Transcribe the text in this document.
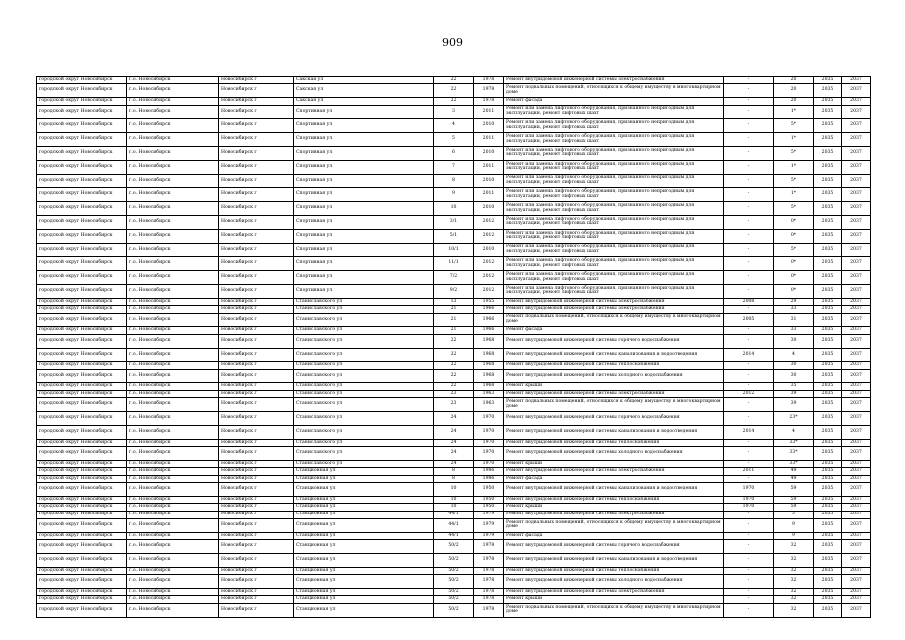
909
городской округ Новосибирск	г.о. Новосибирск	Новосибирск г	Сакская ул	22	1978	Ремонт внутридомовой инженерной системы электроснабжения	-	20	2035	2037
городской округ Новосибирск	г.о. Новосибирск	Новосибирск г	Сакская ул	22	1978	Ремонт подвальных помещений, относящихся к общему имуществу в многоквартирном доме	-	20	2035	2037
городской округ Новосибирск	г.о. Новосибирск	Новосибирск г	Сакская ул	22	1978	Ремонт фасада	-	20	2035	2037
городской округ Новосибирск	г.о. Новосибирск	Новосибирск г	Спортивная ул	3	2011	Ремонт или замена лифтового оборудования, признанного непригодным для эксплуатации, ремонт лифтовых шахт	-	1*	2035	2037
городской округ Новосибирск	г.о. Новосибирск	Новосибирск г	Спортивная ул	4	2010	Ремонт или замена лифтового оборудования, признанного непригодным для эксплуатации, ремонт лифтовых шахт	-	5*	2035	2037
городской округ Новосибирск	г.о. Новосибирск	Новосибирск г	Спортивная ул	5	2011	Ремонт или замена лифтового оборудования, признанного непригодным для эксплуатации, ремонт лифтовых шахт	-	1*	2035	2037
городской округ Новосибирск	г.о. Новосибирск	Новосибирск г	Спортивная ул	6	2010	Ремонт или замена лифтового оборудования, признанного непригодным для эксплуатации, ремонт лифтовых шахт	-	5*	2035	2037
городской округ Новосибирск	г.о. Новосибирск	Новосибирск г	Спортивная ул	7	2011	Ремонт или замена лифтового оборудования, признанного непригодным для эксплуатации, ремонт лифтовых шахт	-	1*	2035	2037
городской округ Новосибирск	г.о. Новосибирск	Новосибирск г	Спортивная ул	8	2010	Ремонт или замена лифтового оборудования, признанного непригодным для эксплуатации, ремонт лифтовых шахт	-	5*	2035	2037
городской округ Новосибирск	г.о. Новосибирск	Новосибирск г	Спортивная ул	9	2011	Ремонт или замена лифтового оборудования, признанного непригодным для эксплуатации, ремонт лифтовых шахт	-	1*	2035	2037
городской округ Новосибирск	г.о. Новосибирск	Новосибирск г	Спортивная ул	10	2010	Ремонт или замена лифтового оборудования, признанного непригодным для эксплуатации, ремонт лифтовых шахт	-	5*	2035	2037
городской округ Новосибирск	г.о. Новосибирск	Новосибирск г	Спортивная ул	3/1	2012	Ремонт или замена лифтового оборудования, признанного непригодным для эксплуатации, ремонт лифтовых шахт	-	0*	2035	2037
городской округ Новосибирск	г.о. Новосибирск	Новосибирск г	Спортивная ул	5/1	2012	Ремонт или замена лифтового оборудования, признанного непригодным для эксплуатации, ремонт лифтовых шахт	-	0*	2035	2037
городской округ Новосибирск	г.о. Новосибирск	Новосибирск г	Спортивная ул	10/1	2010	Ремонт или замена лифтового оборудования, признанного непригодным для эксплуатации, ремонт лифтовых шахт	-	5*	2035	2037
городской округ Новосибирск	г.о. Новосибирск	Новосибирск г	Спортивная ул	11/1	2012	Ремонт или замена лифтового оборудования, признанного непригодным для эксплуатации, ремонт лифтовых шахт	-	0*	2035	2037
городской округ Новосибирск	г.о. Новосибирск	Новосибирск г	Спортивная ул	7/2	2012	Ремонт или замена лифтового оборудования, признанного непригодным для эксплуатации, ремонт лифтовых шахт	-	0*	2035	2037
городской округ Новосибирск	г.о. Новосибирск	Новосибирск г	Спортивная ул	9/2	2012	Ремонт или замена лифтового оборудования, признанного непригодным для эксплуатации, ремонт лифтовых шахт	-	0*	2035	2037
городской округ Новосибирск	г.о. Новосибирск	Новосибирск г	Станиславского ул	13	1955	Ремонт внутридомовой инженерной системы электроснабжения	2008	29	2035	2037
городской округ Новосибирск	г.о. Новосибирск	Новосибирск г	Станиславского ул	21	1966	Ремонт внутридомовой инженерной системы электроснабжения	-	33	2035	2037
городской округ Новосибирск	г.о. Новосибирск	Новосибирск г	Станиславского ул	21	1966	Ремонт подвальных помещений, относящихся к общему имуществу в многоквартирном доме	2005	31	2035	2037
городской округ Новосибирск	г.о. Новосибирск	Новосибирск г	Станиславского ул	21	1966	Ремонт фасада	-	33	2035	2037
городской округ Новосибирск	г.о. Новосибирск	Новосибирск г	Станиславского ул	22	1968	Ремонт внутридомовой инженерной системы горячего водоснабжения	-	30	2035	2037
городской округ Новосибирск	г.о. Новосибирск	Новосибирск г	Станиславского ул	22	1968	Ремонт внутридомовой инженерной системы канализования и водоотведения	2014	4	2035	2037
городской округ Новосибирск	г.о. Новосибирск	Новосибирск г	Станиславского ул	22	1968	Ремонт внутридомовой инженерной системы теплоснабжения	-	30	2035	2037
городской округ Новосибирск	г.о. Новосибирск	Новосибирск г	Станиславского ул	22	1968	Ремонт внутридомовой инженерной системы холодного водоснабжения	-	30	2035	2037
городской округ Новосибирск	г.о. Новосибирск	Новосибирск г	Станиславского ул	22	1968	Ремонт крыши	-	35	2035	2037
городской округ Новосибирск	г.о. Новосибирск	Новосибирск г	Станиславского ул	23	1963	Ремонт внутридомовой инженерной системы электроснабжения	2012	39	2035	2037
городской округ Новосибирск	г.о. Новосибирск	Новосибирск г	Станиславского ул	23	1963	Ремонт подвальных помещений, относящихся к общему имуществу в многоквартирном доме	-	39	2035	2037
городской округ Новосибирск	г.о. Новосибирск	Новосибирск г	Станиславского ул	24	1970	Ремонт внутридомовой инженерной системы горячего водоснабжения	-	23*	2035	2037
городской округ Новосибирск	г.о. Новосибирск	Новосибирск г	Станиславского ул	24	1970	Ремонт внутридомовой инженерной системы канализования и водоотведения	2014	4	2035	2037
городской округ Новосибирск	г.о. Новосибирск	Новосибирск г	Станиславского ул	24	1970	Ремонт внутридомовой инженерной системы теплоснабжения	-	33*	2035	2037
городской округ Новосибирск	г.о. Новосибирск	Новосибирск г	Станиславского ул	24	1970	Ремонт внутридомовой инженерной системы холодного водоснабжения	-	33*	2035	2037
городской округ Новосибирск	г.о. Новосибирск	Новосибирск г	Станиславского ул	24	1970	Ремонт крыши	-	33*	2035	2037
городской округ Новосибирск	г.о. Новосибирск	Новосибирск г	Станционная ул	8	1986	Ремонт внутридомовой инженерной системы электроснабжения	2011	49	2035	2037
городской округ Новосибирск	г.о. Новосибирск	Новосибирск г	Станционная ул	8	1986	Ремонт фасада	-	49	2035	2037
городской округ Новосибирск	г.о. Новосибирск	Новосибирск г	Станционная ул	10	1950	Ремонт внутридомовой инженерной системы канализования и водоотведения	1970	59	2035	2037
городской округ Новосибирск	г.о. Новосибирск	Новосибирск г	Станционная ул	10	1950	Ремонт внутридомовой инженерной системы теплоснабжения	1970	59	2035	2037
городской округ Новосибирск	г.о. Новосибирск	Новосибирск г	Станционная ул	10	1950	Ремонт крыши	1970	59	2035	2037
городской округ Новосибирск	г.о. Новосибирск	Новосибирск г	Станционная ул	44/1	1979	Ремонт внутридомовой инженерной системы электроснабжения	-	3	2035	2037
городской округ Новосибирск	г.о. Новосибирск	Новосибирск г	Станционная ул	44/1	1979	Ремонт подвальных помещений, относящихся к общему имуществу в многоквартирном доме	-	9	2035	2037
городской округ Новосибирск	г.о. Новосибирск	Новосибирск г	Станционная ул	44/1	1979	Ремонт фасада	-	9	2035	2037
городской округ Новосибирск	г.о. Новосибирск	Новосибирск г	Станционная ул	50/2	1978	Ремонт внутридомовой инженерной системы горячего водоснабжения	-	32	2035	2037
городской округ Новосибирск	г.о. Новосибирск	Новосибирск г	Станционная ул	50/2	1978	Ремонт внутридомовой инженерной системы канализования и водоотведения	-	32	2035	2037
городской округ Новосибирск	г.о. Новосибирск	Новосибирск г	Станционная ул	50/2	1978	Ремонт внутридомовой инженерной системы теплоснабжения	-	32	2035	2037
городской округ Новосибирск	г.о. Новосибирск	Новосибирск г	Станционная ул	50/2	1978	Ремонт внутридомовой инженерной системы холодного водоснабжения	-	32	2035	2037
городской округ Новосибирск	г.о. Новосибирск	Новосибирск г	Станционная ул	50/2	1978	Ремонт внутридомовой инженерной системы электроснабжения	-	32	2035	2037
городской округ Новосибирск	г.о. Новосибирск	Новосибирск г	Станционная ул	50/2	1978	Ремонт крыши	-	32	2035	2037
городской округ Новосибирск	г.о. Новосибирск	Новосибирск г	Станционная ул	50/2	1978	Ремонт подвальных помещений, относящихся к общему имуществу в многоквартирном доме	-	32	2035	2037
